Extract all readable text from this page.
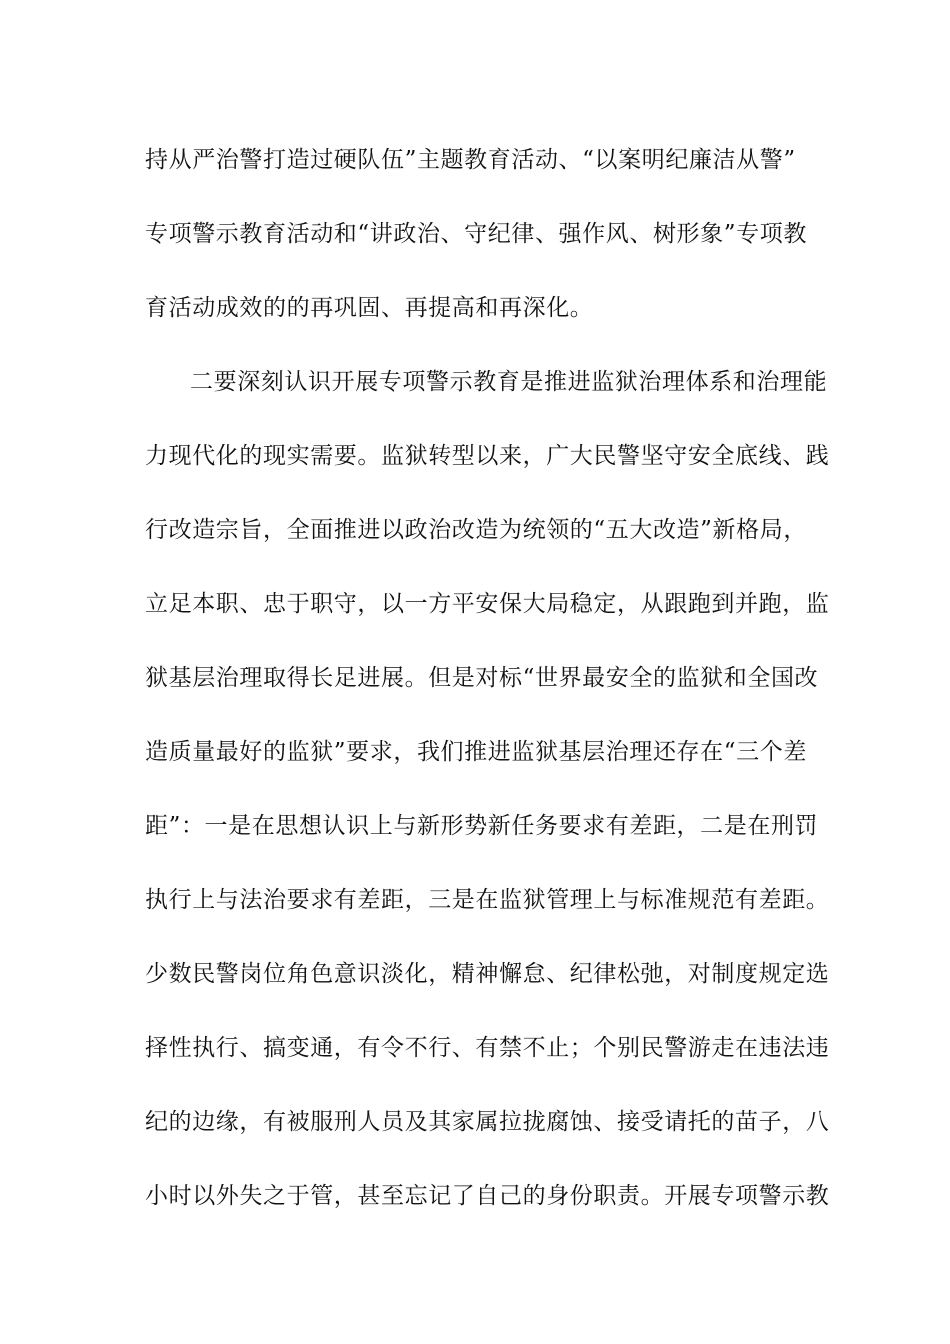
持从严治警打造过硬队伍”主题教育活动、“以案明纪廉洁从警”
专项警示教育活动和“讲政治、守纪律、强作风、树形象”专项教
育活动成效的的再巩固、再提高和再深化。
二要深刻认识开展专项警示教育是推进监狱治理体系和治理能
力现代化的现实需要。监狱转型以来，广大民警坚守安全底线、践
行改造宗旨，全面推进以政治改造为统领的“五大改造”新格局，
立足本职、忠于职守，以一方平安保大局稳定，从跟跑到并跑，监
狱基层治理取得长足进展。但是对标“世界最安全的监狱和全国改
造质量最好的监狱”要求，我们推进监狱基层治理还存在“三个差
距”：一是在思想认识上与新形势新任务要求有差距，二是在刑罚
执行上与法治要求有差距，三是在监狱管理上与标准规范有差距。
少数民警岗位角色意识淡化，精神懈怠、纪律松弛，对制度规定选
择性执行、搞变通，有令不行、有禁不止；个别民警游走在违法违
纪的边缘，有被服刑人员及其家属拉拢腐蚀、接受请托的苗子，八
小时以外失之于管，甚至忘记了自己的身份职责。开展专项警示教
